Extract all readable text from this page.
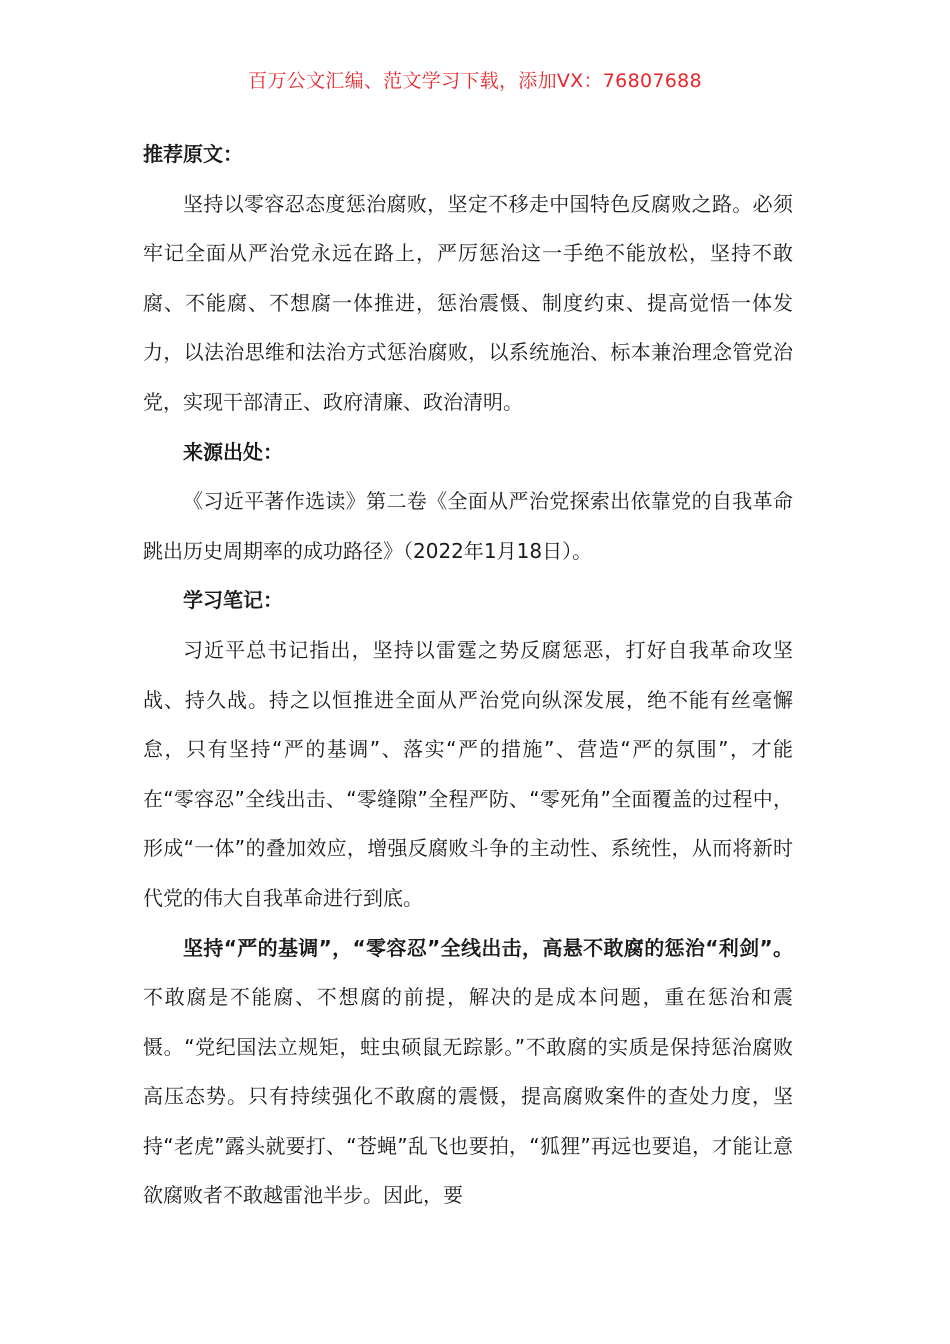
百万公文汇编、范文学习下载，添加VX：76807688

推荐原文：

坚持以零容忍态度惩治腐败，坚定不移走中国特色反腐败之路。必须牢记全面从严治党永远在路上，严厉惩治这一手绝不能放松，坚持不敢腐、不能腐、不想腐一体推进，惩治震慑、制度约束、提高觉悟一体发力，以法治思维和法治方式惩治腐败，以系统施治、标本兼治理念管党治党，实现干部清正、政府清廉、政治清明。

来源出处：

《习近平著作选读》第二卷《全面从严治党探索出依靠党的自我革命跳出历史周期率的成功路径》（2022年1月18日）。

学习笔记：

习近平总书记指出，坚持以雷霆之势反腐惩恶，打好自我革命攻坚战、持久战。持之以恒推进全面从严治党向纵深发展，绝不能有丝毫懈怠，只有坚持“严的基调”、落实“严的措施”、营造“严的氛围”，才能在“零容忍”全线出击、“零缝隙”全程严防、“零死角”全面覆盖的过程中，形成“一体”的叠加效应，增强反腐败斗争的主动性、系统性，从而将新时代党的伟大自我革命进行到底。

坚持“严的基调”，“零容忍”全线出击，高悬不敢腐的惩治“利剑”。不敢腐是不能腐、不想腐的前提，解决的是成本问题，重在惩治和震慑。“党纪国法立规矩，蛀虫硕鼠无踪影。”不敢腐的实质是保持惩治腐败高压态势。只有持续强化不敢腐的震慑，提高腐败案件的查处力度，坚持“老虎”露头就要打、“苍蝇”乱飞也要拍，“狐狸”再远也要追，才能让意欲腐败者不敢越雷池半步。因此，要
